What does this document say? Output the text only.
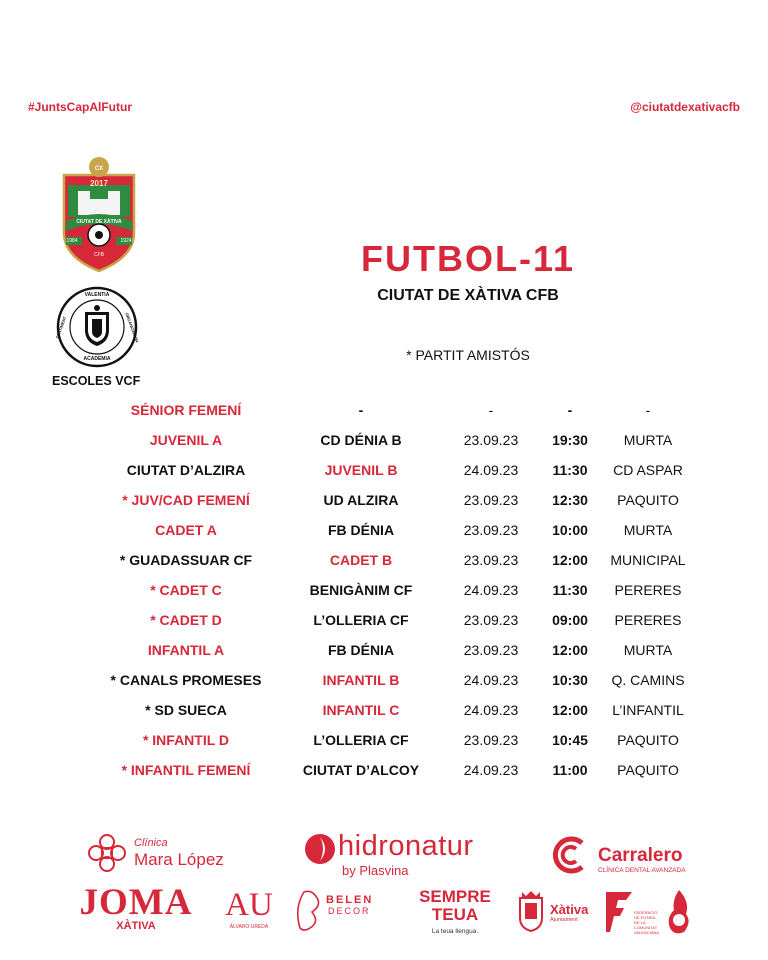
#JuntsCapAlFutur	@ciutatdexativacfb
CX
2017
CIUTAT DE XÀTIVA
1984	1924
CFB
VALENTIA
SENTIMENT	ORGANIZACIÓN
ACADEMIA
ESCOLES VCF
FUTBOL-11
CIUTAT DE XÀTIVA CFB
* PARTIT AMISTÓS
SÉNIOR FEMENÍ	-	-	-	-
JUVENIL A	CD DÉNIA B	23.09.23	19:30	MURTA
CIUTAT D’ALZIRA	JUVENIL B	24.09.23	11:30	CD ASPAR
* JUV/CAD FEMENÍ	UD ALZIRA	23.09.23	12:30	PAQUITO
CADET A	FB DÉNIA	23.09.23	10:00	MURTA
* GUADASSUAR CF	CADET B	23.09.23	12:00	MUNICIPAL
* CADET C	BENIGÀNIM CF	24.09.23	11:30	PERERES
* CADET D	L’OLLERIA CF	23.09.23	09:00	PERERES
INFANTIL A	FB DÉNIA	23.09.23	12:00	MURTA
* CANALS PROMESES	INFANTIL B	24.09.23	10:30	Q. CAMINS
* SD SUECA	INFANTIL C	24.09.23	12:00	L’INFANTIL
* INFANTIL D	L’OLLERIA CF	23.09.23	10:45	PAQUITO
* INFANTIL FEMENÍ	CIUTAT D’ALCOY	24.09.23	11:00	PAQUITO
Clínica
Mara López	hidronatur
by Plasvina
Carralero
CLÍNICA DENTAL AVANZADA
JOMA
XÀTIVA
AU
ÁLVARO UREDA
BELEN
DECOR
SEMPRE
TEUA
La teua llengua.
Xàtiva
Ajuntament
FEDERACIÓ DE FUTBOL DE LA COMUNITAT VALENCIANA
